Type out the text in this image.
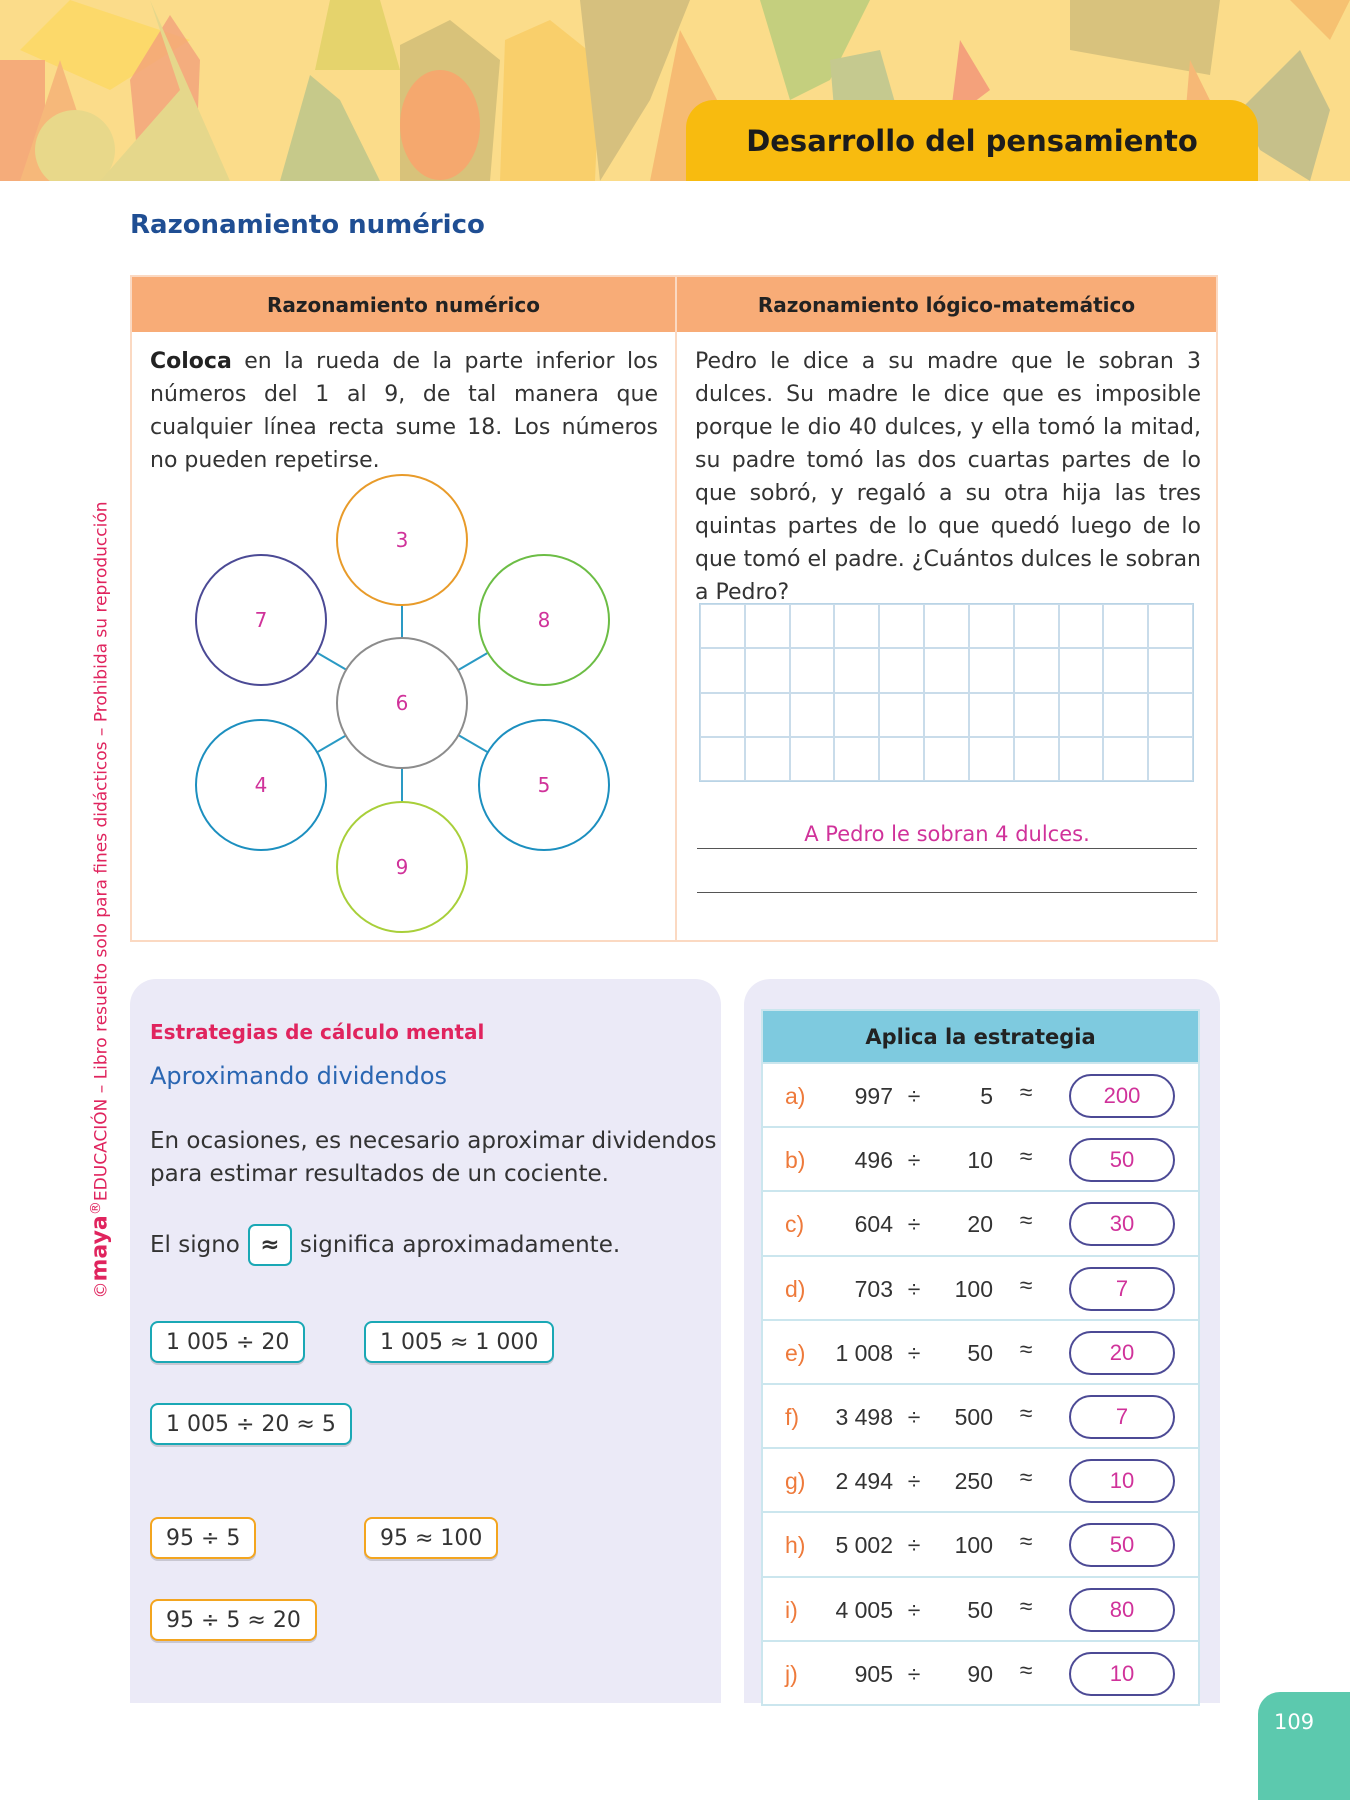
Desarrollo del pensamiento
Razonamiento numérico
Razonamiento numérico	Razonamiento lógico-matemático
Coloca en la rueda de la parte inferior los números del 1 al 9, de tal manera que cualquier línea recta sume 18. Los números no pueden repetirse.
Pedro le dice a su madre que le sobran 3 dulces. Su madre le dice que es imposible porque le dio 40 dulces, y ella tomó la mitad, su padre tomó las dos cuartas partes de lo que sobró, y regaló a su otra hija las tres quintas partes de lo que quedó luego de lo que tomó el padre. ¿Cuántos dulces le sobran a Pedro?
3
7	8
6
4	5
9
A Pedro le sobran 4 dulces.
Estrategias de cálculo mental
Aproximando dividendos
En ocasiones, es necesario aproximar dividendos para estimar resultados de un cociente.
El signo ≈ significa aproximadamente.
1 005 ÷ 20	1 005 ≈ 1 000
1 005 ÷ 20 ≈ 5
95 ÷ 5	95 ≈ 100
95 ÷ 5 ≈ 20
Aplica la estrategia
a)	997 ÷	5	≈	200
b)	496 ÷	10	≈	50
c)	604 ÷	20	≈	30
d)	703 ÷	100	≈	7
e)	1 008 ÷	50	≈	20
f)	3 498 ÷	500	≈	7
g)	2 494 ÷	250	≈	10
h)	5 002 ÷	100	≈	50
i)	4 005 ÷	50	≈	80
j)	905 ÷	90	≈	10
©maya®EDUCACIÓN – Libro resuelto solo para fines didácticos – Prohibida su reproducción
109
